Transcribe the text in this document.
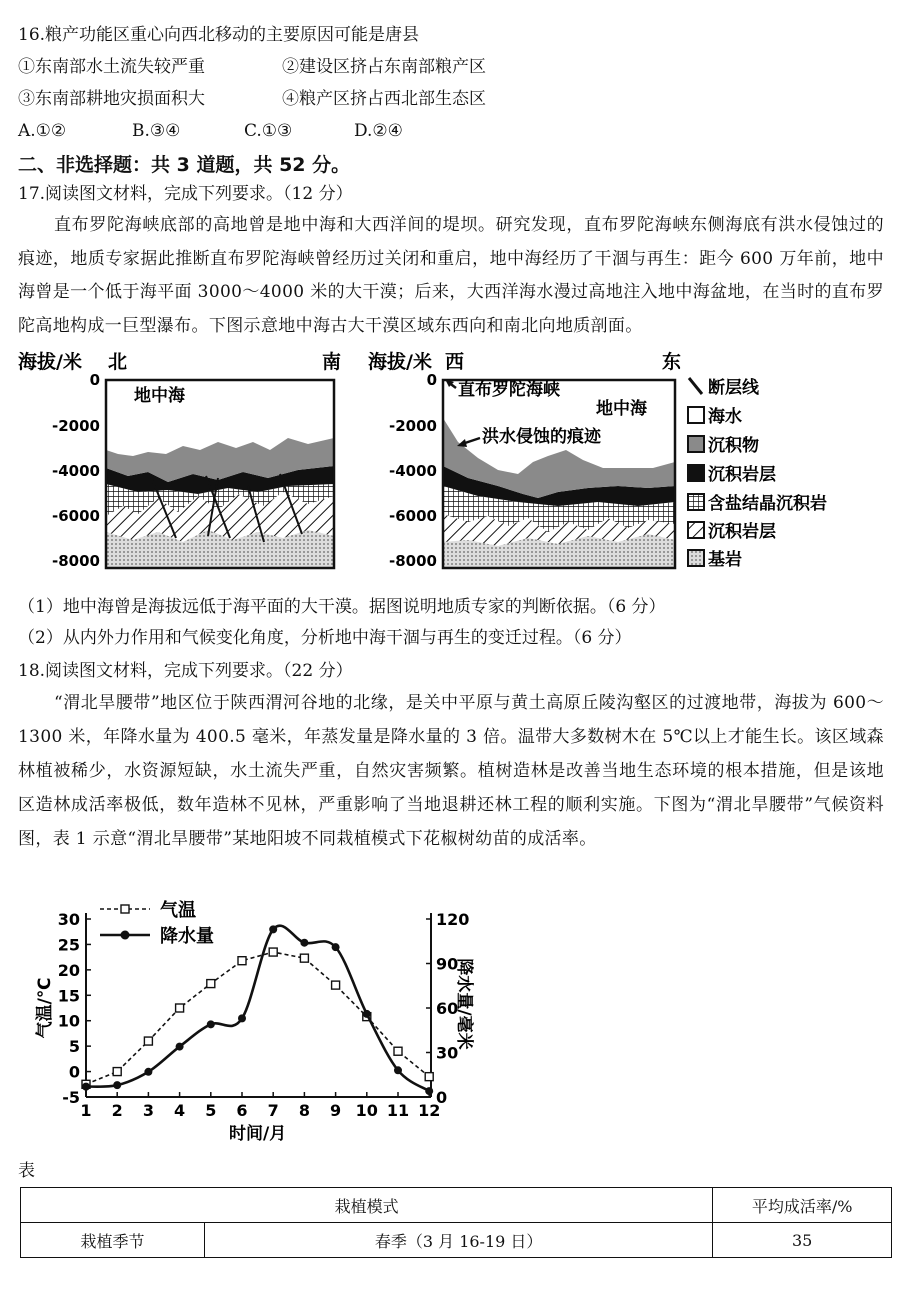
16.粮产功能区重心向西北移动的主要原因可能是唐县
①东南部水土流失较严重	②建设区挤占东南部粮产区
③东南部耕地灾损面积大	④粮产区挤占西北部生态区
A.①②	B.③④	C.①③	D.②④
二、非选择题：共 3 道题，共 52 分。
17.阅读图文材料，完成下列要求。（12 分）

直布罗陀海峡底部的高地曾是地中海和大西洋间的堤坝。研究发现，直布罗陀海峡东侧海底有洪水侵蚀过的痕迹，地质专家据此推断直布罗陀海峡曾经历过关闭和重启，地中海经历了干涸与再生：距今 600 万年前，地中海曾是一个低于海平面 3000～4000 米的大干漠；后来，大西洋海水漫过高地注入地中海盆地，在当时的直布罗陀高地构成一巨型瀑布。下图示意地中海古大干漠区域东西向和南北向地质剖面。

海拔/米 北	南
0
-2000
-4000
-6000
-8000
地中海
海拔/米 西	东
0
-2000
-4000
-6000
-8000
直布罗陀海峡
地中海
洪水侵蚀的痕迹
断层线
海水
沉积物
沉积岩层
含盐结晶沉积岩
沉积岩层
基岩
（1）地中海曾是海拔远低于海平面的大干漠。据图说明地质专家的判断依据。（6 分）
（2）从内外力作用和气候变化角度，分析地中海干涸与再生的变迁过程。（6 分）
18.阅读图文材料，完成下列要求。（22 分）

“渭北旱腰带”地区位于陕西渭河谷地的北缘，是关中平原与黄土高原丘陵沟壑区的过渡地带，海拔为 600～1300 米，年降水量为 400.5 毫米，年蒸发量是降水量的 3 倍。温带大多数树木在 5℃以上才能生长。该区域森林植被稀少，水资源短缺，水土流失严重，自然灾害频繁。植树造林是改善当地生态环境的根本措施，但是该地区造林成活率极低，数年造林不见林，严重影响了当地退耕还林工程的顺利实施。下图为“渭北旱腰带”气候资料图，表 1 示意“渭北旱腰带”某地阳坡不同栽植模式下花椒树幼苗的成活率。

30
25
20
15
10
5
0
-5
120
90
60
30
0
1 2 3 4 5 6 7 8 9 10 11 12
时间/月
气温/℃	降水量/毫米
气温
降水量
表
栽植模式		平均成活率/%
栽植季节	春季（3 月 16-19 日）	35
